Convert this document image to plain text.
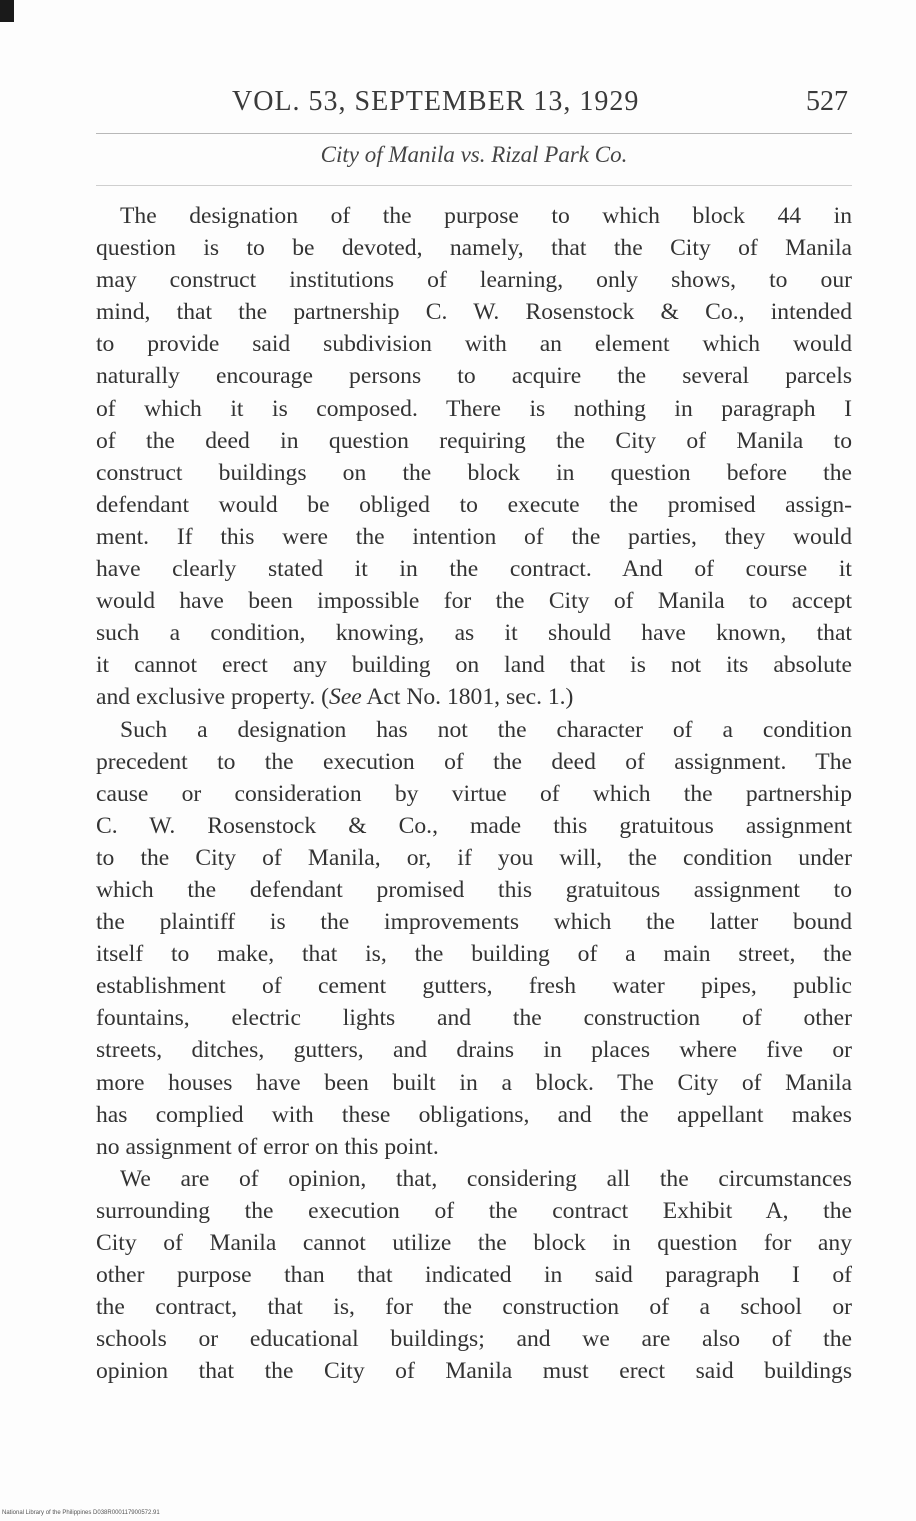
VOL. 53, SEPTEMBER 13, 1929	527
City of Manila vs. Rizal Park Co.
The designation of the purpose to which block 44 in
question is to be devoted, namely, that the City of Manila
may construct institutions of learning, only shows, to our
mind, that the partnership C. W. Rosenstock & Co., intended
to provide said subdivision with an element which would
naturally encourage persons to acquire the several parcels
of which it is composed. There is nothing in paragraph I
of the deed in question requiring the City of Manila to
construct buildings on the block in question before the
defendant would be obliged to execute the promised assign-
ment. If this were the intention of the parties, they would
have clearly stated it in the contract. And of course it
would have been impossible for the City of Manila to accept
such a condition, knowing, as it should have known, that
it cannot erect any building on land that is not its absolute
and exclusive property. (See Act No. 1801, sec. 1.)
Such a designation has not the character of a condition
precedent to the execution of the deed of assignment. The
cause or consideration by virtue of which the partnership
C. W. Rosenstock & Co., made this gratuitous assignment
to the City of Manila, or, if you will, the condition under
which the defendant promised this gratuitous assignment to
the plaintiff is the improvements which the latter bound
itself to make, that is, the building of a main street, the
establishment of cement gutters, fresh water pipes, public
fountains, electric lights and the construction of other
streets, ditches, gutters, and drains in places where five or
more houses have been built in a block. The City of Manila
has complied with these obligations, and the appellant makes
no assignment of error on this point.
We are of opinion, that, considering all the circumstances
surrounding the execution of the contract Exhibit A, the
City of Manila cannot utilize the block in question for any
other purpose than that indicated in said paragraph I of
the contract, that is, for the construction of a school or
schools or educational buildings; and we are also of the
opinion that the City of Manila must erect said buildings
National Library of the Philippines D038R000117900572.91
